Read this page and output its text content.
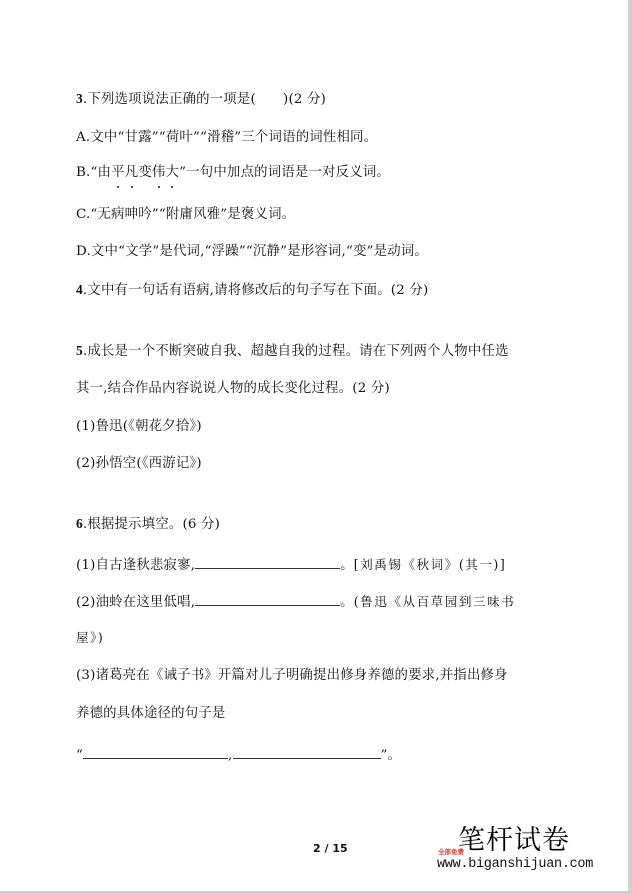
3.下列选项说法正确的一项是(　　)(2 分)
A.文中“甘露”“荷叶”“滑稽”三个词语的词性相同。
B.“由平凡变伟大”一句中加点的词语是一对反义词。
C.“无病呻吟”“附庸风雅”是褒义词。
D.文中“文学”是代词,“浮躁”“沉静”是形容词,“变”是动词。
4.文中有一句话有语病,请将修改后的句子写在下面。(2 分)
5.成长是一个不断突破自我、超越自我的过程。请在下列两个人物中任选
其一,结合作品内容说说人物的成长变化过程。(2 分)
(1)鲁迅(《朝花夕拾》)
(2)孙悟空(《西游记》)
6.根据提示填空。(6 分)
(1)自古逢秋悲寂寥,	。[刘禹锡《秋词》(其一)]
(2)油蛉在这里低唱,	。(鲁迅《从百草园到三味书
屋》)
(3)诸葛亮在《诫子书》开篇对儿子明确提出修身养德的要求,并指出修身
养德的具体途径的句子是
“	,	”。
2 / 15	笔杆试卷
全部免费
www.biganshijuan.com
